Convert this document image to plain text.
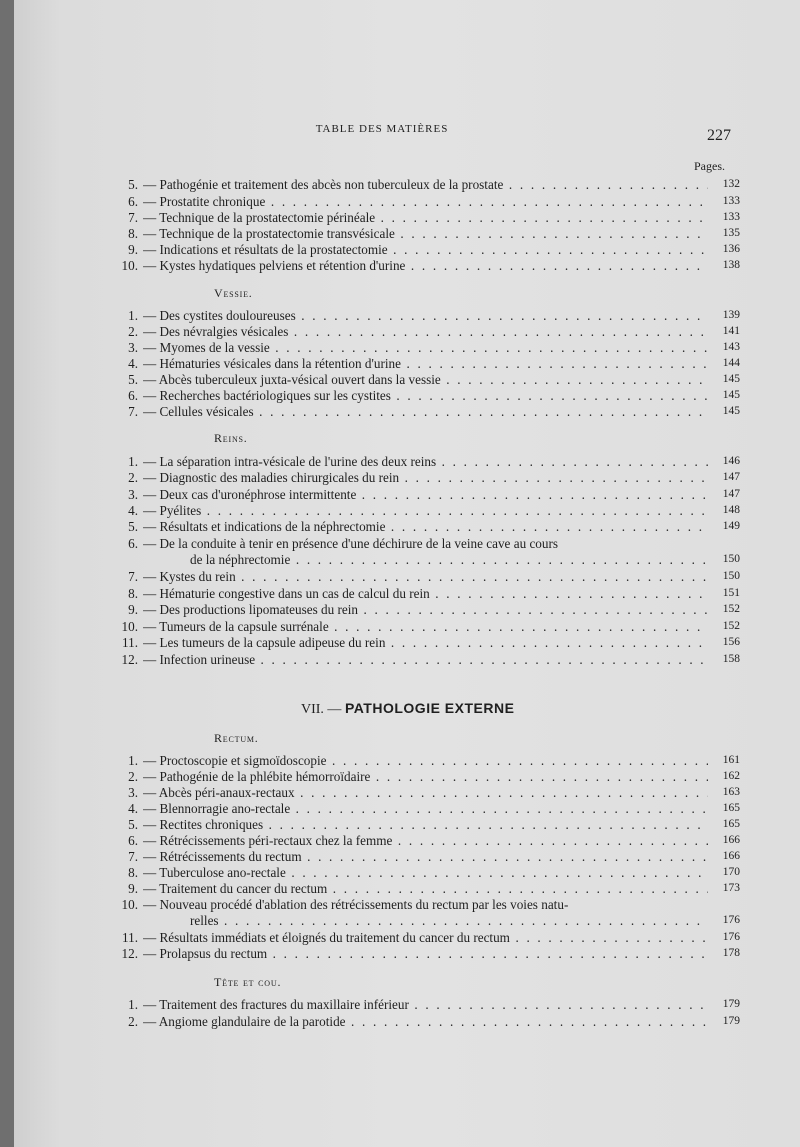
TABLE DES MATIÈRES	227
Pages.
5. — Pathogénie et traitement des abcès non tuberculeux de la prostate . . .	132
6. — Prostatite chronique . . .	133
7. — Technique de la prostatectomie périnéale . . .	133
8. — Technique de la prostatectomie transvésicale . . .	135
9. — Indications et résultats de la prostatectomie . . .	136
10. — Kystes hydatiques pelviens et rétention d'urine . . .	138
Vessie.
1. — Des cystites douloureuses . . .	139
2. — Des névralgies vésicales . . .	141
3. — Myomes de la vessie . . .	143
4. — Hématuries vésicales dans la rétention d'urine . . .	144
5. — Abcès tuberculeux juxta-vésical ouvert dans la vessie . . .	145
6. — Recherches bactériologiques sur les cystites . . .	145
7. — Cellules vésicales . . .	145
Reins.
1. — La séparation intra-vésicale de l'urine des deux reins . . .	146
2. — Diagnostic des maladies chirurgicales du rein . . .	147
3. — Deux cas d'uronéphrose intermittente . . .	147
4. — Pyélites . . .	148
5. — Résultats et indications de la néphrectomie . . .	149
6. — De la conduite à tenir en présence d'une déchirure de la veine cave au cours
de la néphrectomie . . .	150
7. — Kystes du rein . . .	150
8. — Hématurie congestive dans un cas de calcul du rein . . .	151
9. — Des productions lipomateuses du rein . . .	152
10. — Tumeurs de la capsule surrénale . . .	152
11. — Les tumeurs de la capsule adipeuse du rein . . .	156
12. — Infection urineuse . . .	158
VII. — PATHOLOGIE EXTERNE
Rectum.
1. — Proctoscopie et sigmoïdoscopie . . .	161
2. — Pathogénie de la phlébite hémorroïdaire . . .	162
3. — Abcès péri-anaux-rectaux . . .	163
4. — Blennorragie ano-rectale . . .	165
5. — Rectites chroniques . . .	165
6. — Rétrécissements péri-rectaux chez la femme . . .	166
7. — Rétrécissements du rectum . . .	166
8. — Tuberculose ano-rectale . . .	170
9. — Traitement du cancer du rectum . . .	173
10. — Nouveau procédé d'ablation des rétrécissements du rectum par les voies natu-
relles . . .	176
11. — Résultats immédiats et éloignés du traitement du cancer du rectum . . .	176
12. — Prolapsus du rectum . . .	178
Tête et cou.
1. — Traitement des fractures du maxillaire inférieur . . .	179
2. — Angiome glandulaire de la parotide . . .	179
